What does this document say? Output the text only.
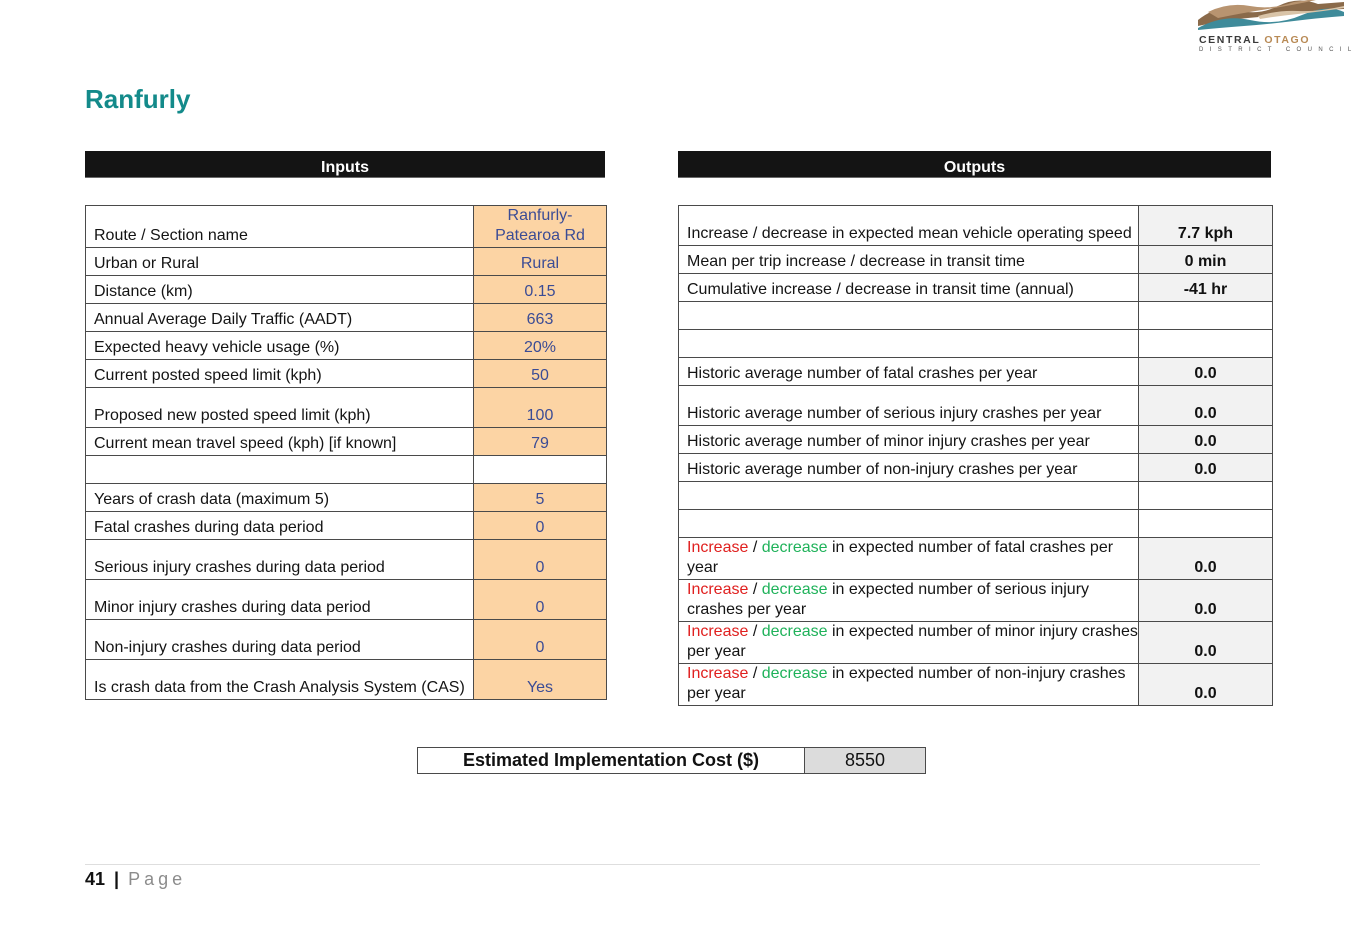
CENTRAL OTAGO
DISTRICT COUNCIL
Ranfurly
Inputs	Outputs
Route / Section name	Ranfurly-
Patearoa Rd
Urban or Rural	Rural
Distance (km)	0.15
Annual Average Daily Traffic (AADT)	663
Expected heavy vehicle usage (%)	20%
Current posted speed limit (kph)	50
Proposed new posted speed limit (kph)	100
Current mean travel speed (kph) [if known]	79

Years of crash data (maximum 5)	5
Fatal crashes during data period	0
Serious injury crashes during data period	0
Minor injury crashes during data period	0
Non-injury crashes during data period	0
Is crash data from the Crash Analysis System (CAS)	Yes
Increase / decrease in expected mean vehicle operating speed	7.7 kph
Mean per trip increase / decrease in transit time	0 min
Cumulative increase / decrease in transit time (annual)	-41 hr

Historic average number of fatal crashes per year	0.0
Historic average number of serious injury crashes per year	0.0
Historic average number of minor injury crashes per year	0.0
Historic average number of non-injury crashes per year	0.0

Increase / decrease in expected number of fatal crashes per year	0.0
Increase / decrease in expected number of serious injury crashes per year	0.0
Increase / decrease in expected number of minor injury crashes per year	0.0
Increase / decrease in expected number of non-injury crashes per year	0.0
Estimated Implementation Cost ($)	8550
41 | Page
